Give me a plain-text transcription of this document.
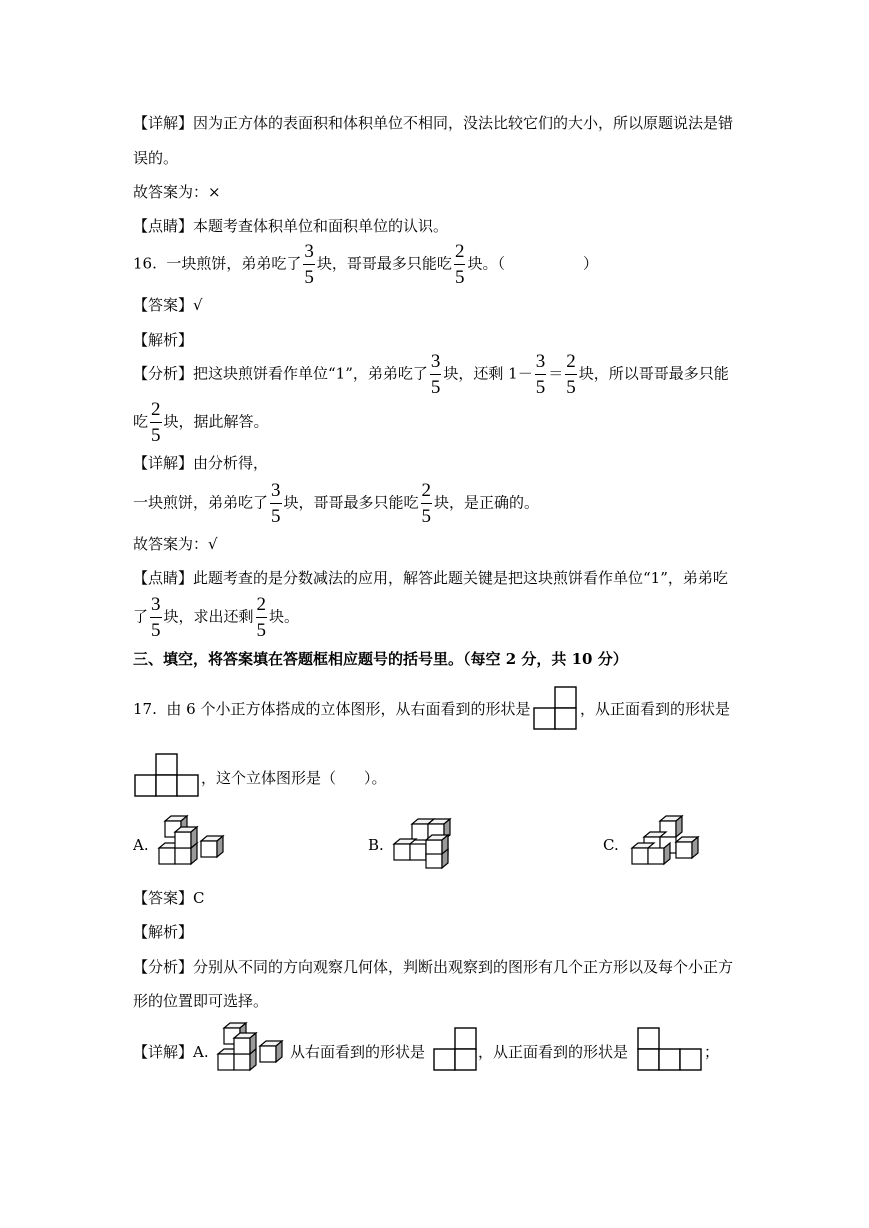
【详解】因为正方体的表面积和体积单位不相同，没法比较它们的大小，所以原题说法是错
误的。
故答案为：×
【点睛】本题考查体积单位和面积单位的认识。
16. 一块煎饼，弟弟吃了 $\frac{3}{5}$ 块，哥哥最多只能吃 $\frac{2}{5}$ 块。（	）
【答案】√
【解析】
【分析】把这块煎饼看作单位“1”，弟弟吃了 $\frac{3}{5}$ 块，还剩 $1- \frac{3}{5} = \frac{2}{5}$ 块，所以哥哥最多只能
吃 $\frac{2}{5}$ 块，据此解答。
【详解】由分析得，
一块煎饼，弟弟吃了 $\frac{3}{5}$ 块，哥哥最多只能吃 $\frac{2}{5}$ 块，是正确的。
故答案为：√
【点睛】此题考查的是分数减法的应用，解答此题关键是把这块煎饼看作单位“1”，弟弟吃
了 $\frac{3}{5}$ 块，求出还剩 $\frac{2}{5}$ 块。
三、填空，将答案填在答题框相应题号的括号里。（每空 2 分，共 10 分）
17. 由 6 个小正方体搭成的立体图形，从右面看到的形状是	，从正面看到的形状是
，这个立体图形是（ ）。
A.	B.	C.
【答案】C
【解析】
【分析】分别从不同的方向观察几何体，判断出观察到的图形有几个正方形以及每个小正方
形的位置即可选择。
【详解】A.	从右面看到的形状是	，从正面看到的形状是	；
